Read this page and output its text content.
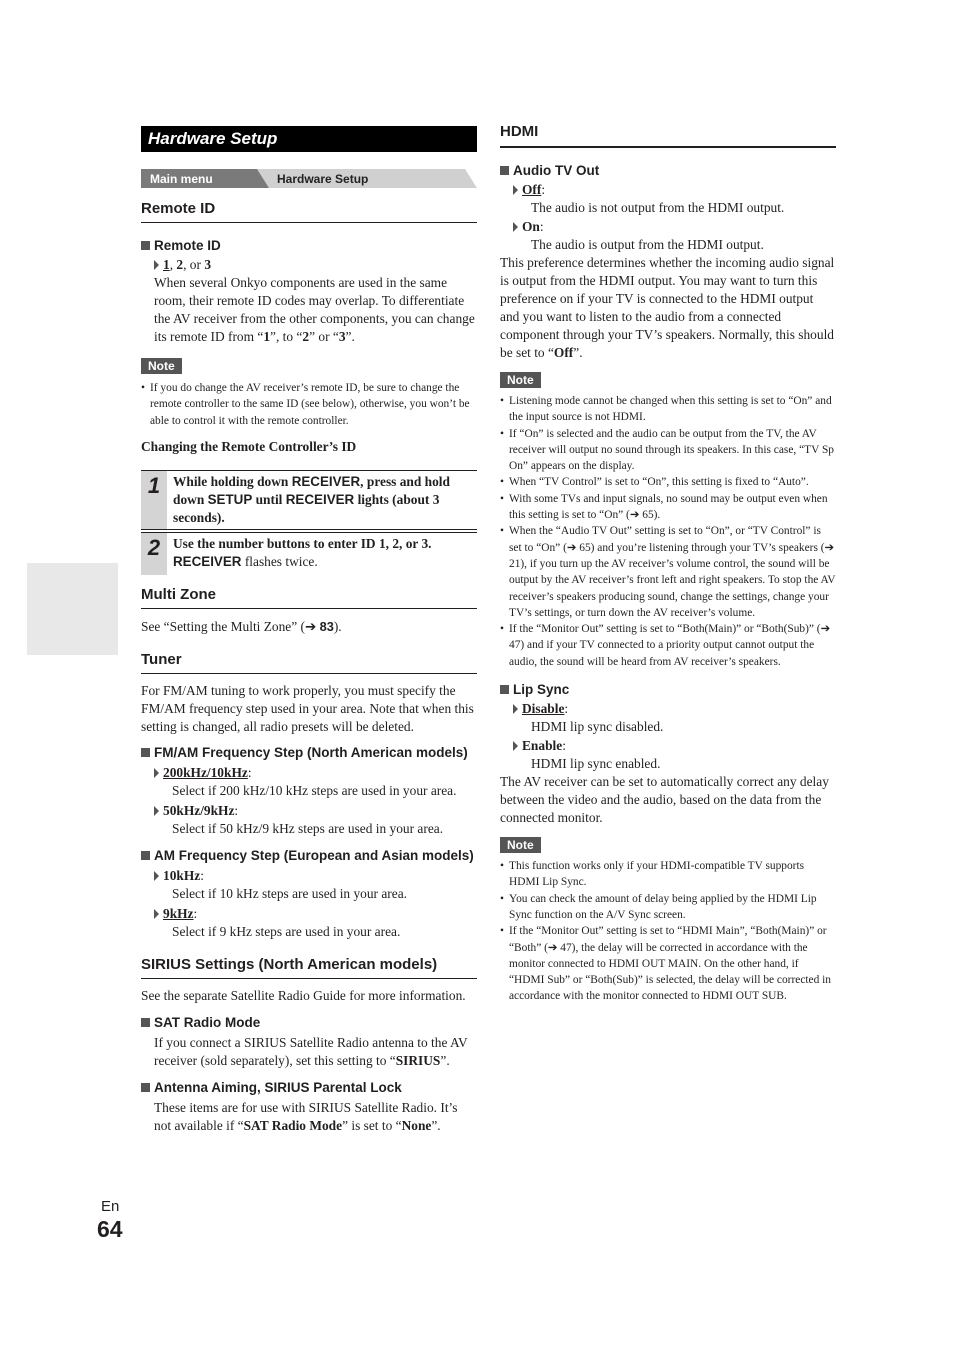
Hardware Setup
Main menu	Hardware Setup
Remote ID
Remote ID
1, 2, or 3

When several Onkyo components are used in the same room, their remote ID codes may overlap. To differentiate the AV receiver from the other components, you can change its remote ID from “1”, to “2” or “3”.

Note
• If you do change the AV receiver’s remote ID, be sure to change the remote controller to the same ID (see below), otherwise, you won’t be able to control it with the remote controller.

Changing the Remote Controller’s ID

1 While holding down RECEIVER, press and hold down SETUP until RECEIVER lights (about 3 seconds).
2 Use the number buttons to enter ID 1, 2, or 3.
RECEIVER flashes twice.
Multi Zone

See “Setting the Multi Zone” (➔ 83).

Tuner

For FM/AM tuning to work properly, you must specify the FM/AM frequency step used in your area. Note that when this setting is changed, all radio presets will be deleted.

FM/AM Frequency Step (North American models)
200kHz/10kHz:

Select if 200 kHz/10 kHz steps are used in your area.

50kHz/9kHz:

Select if 50 kHz/9 kHz steps are used in your area.

AM Frequency Step (European and Asian models)
10kHz:

Select if 10 kHz steps are used in your area.

9kHz:

Select if 9 kHz steps are used in your area.

SIRIUS Settings (North American models)

See the separate Satellite Radio Guide for more information.

SAT Radio Mode

If you connect a SIRIUS Satellite Radio antenna to the AV receiver (sold separately), set this setting to “SIRIUS”.

Antenna Aiming, SIRIUS Parental Lock

These items are for use with SIRIUS Satellite Radio. It’s not available if “SAT Radio Mode” is set to “None”.

HDMI
Audio TV Out
Off:

The audio is not output from the HDMI output.

On:

The audio is output from the HDMI output.

This preference determines whether the incoming audio signal is output from the HDMI output. You may want to turn this preference on if your TV is connected to the HDMI output and you want to listen to the audio from a connected component through your TV’s speakers. Normally, this should be set to “Off”.

Note
• Listening mode cannot be changed when this setting is set to “On” and the input source is not HDMI.
• If “On” is selected and the audio can be output from the TV, the AV receiver will output no sound through its speakers. In this case, “TV Sp On” appears on the display.
• When “TV Control” is set to “On”, this setting is fixed to “Auto”.
• With some TVs and input signals, no sound may be output even when this setting is set to “On” (➔ 65).
• When the “Audio TV Out” setting is set to “On”, or “TV Control” is set to “On” (➔ 65) and you’re listening through your TV’s speakers (➔ 21), if you turn up the AV receiver’s volume control, the sound will be output by the AV receiver’s front left and right speakers. To stop the AV receiver’s speakers producing sound, change the settings, change your TV’s settings, or turn down the AV receiver’s volume.
• If the “Monitor Out” setting is set to “Both(Main)” or “Both(Sub)” (➔ 47) and if your TV connected to a priority output cannot output the audio, the sound will be heard from AV receiver’s speakers.
Lip Sync
Disable:

HDMI lip sync disabled.

Enable:

HDMI lip sync enabled.

The AV receiver can be set to automatically correct any delay between the video and the audio, based on the data from the connected monitor.

Note
• This function works only if your HDMI-compatible TV supports HDMI Lip Sync.
• You can check the amount of delay being applied by the HDMI Lip Sync function on the A/V Sync screen.
• If the “Monitor Out” setting is set to “HDMI Main”, “Both(Main)” or “Both” (➔ 47), the delay will be corrected in accordance with the monitor connected to HDMI OUT MAIN. On the other hand, if “HDMI Sub” or “Both(Sub)” is selected, the delay will be corrected in accordance with the monitor connected to HDMI OUT SUB.
En
64
